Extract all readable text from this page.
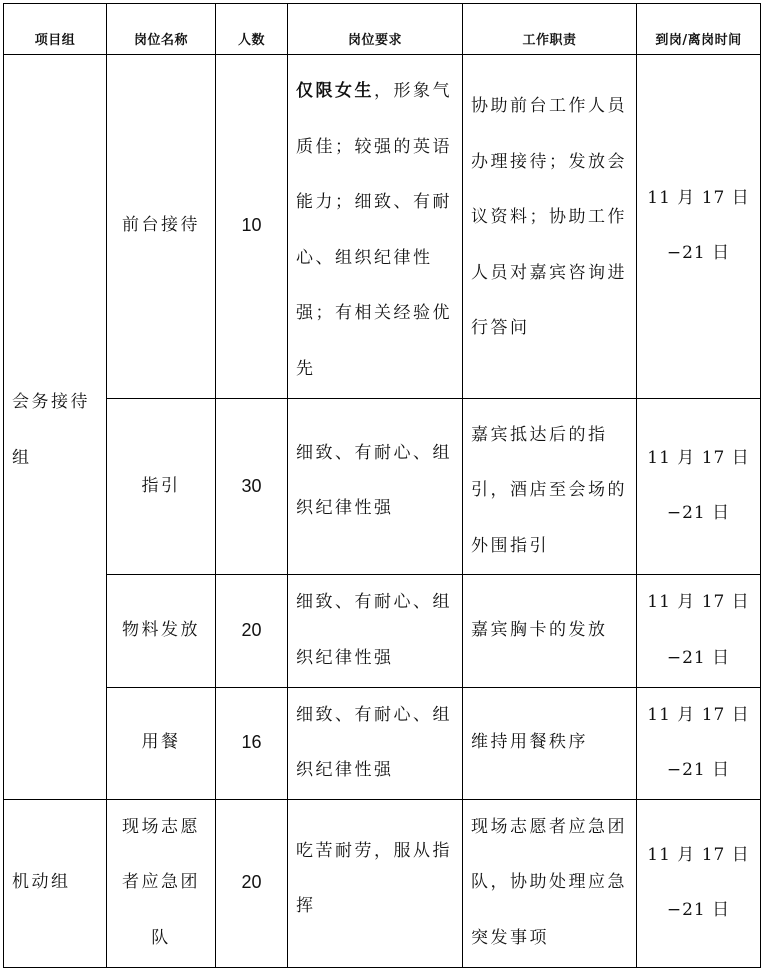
项目组	岗位名称	人数	岗位要求	工作职责	到岗/离岗时间

会务接待组	前台接待	10	仅限女生，形象气质佳；较强的英语能力；细致、有耐心、组织纪律性强；有相关经验优先	协助前台工作人员办理接待；发放会议资料；协助工作人员对嘉宾咨询进行答问	11 月 17 日
−21 日

	指引	30	细致、有耐心、组织纪律性强	嘉宾抵达后的指引，酒店至会场的外围指引	11 月 17 日
−21 日

	物料发放	20	细致、有耐心、组织纪律性强	嘉宾胸卡的发放	11 月 17 日
−21 日

	用餐	16	细致、有耐心、组织纪律性强	维持用餐秩序	11 月 17 日
−21 日

机动组	现场志愿者应急团队	20	吃苦耐劳，服从指挥	现场志愿者应急团队，协助处理应急突发事项	11 月 17 日
−21 日
